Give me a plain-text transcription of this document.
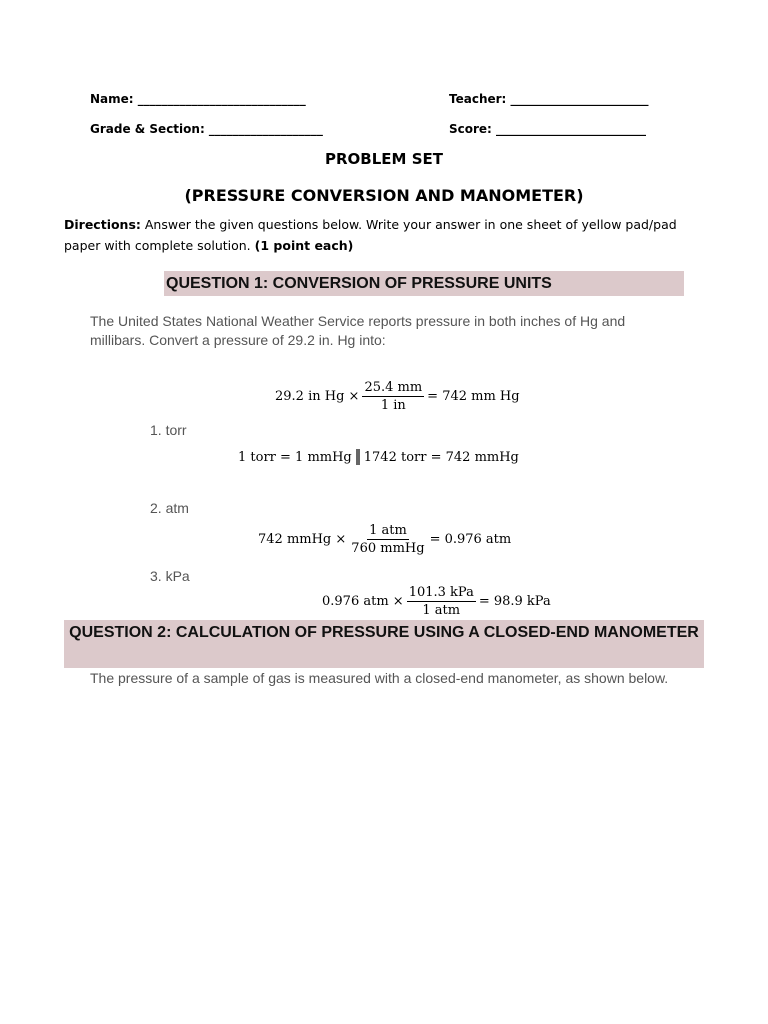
Name: ____________________________	Teacher: _______________________
Grade & Section: ___________________	Score: _________________________
PROBLEM SET
(PRESSURE CONVERSION AND MANOMETER)
Directions: Answer the given questions below. Write your answer in one sheet of yellow pad/pad paper with complete solution. (1 point each)
QUESTION 1: CONVERSION OF PRESSURE UNITS
The United States National Weather Service reports pressure in both inches of Hg and millibars. Convert a pressure of 29.2 in. Hg into:
29.2 in $Hg \times \frac{25.4 mm}{1 in} = 742$ mm Hg
1. torr
1 torr = 1 mmHg 1742 torr = 742 mmHg
2. atm
742 mmHg × $\frac{\text{1 atm}}{\text{760 mmHg}} = 0.976$ atm
3. kPa
0.976 atm × $\frac{\text{101.3 kPa}}{\text{1 atm}} = 98.9$ kPa
QUESTION 2: CALCULATION OF PRESSURE USING A CLOSED-END MANOMETER
The pressure of a sample of gas is measured with a closed-end manometer, as shown below.
